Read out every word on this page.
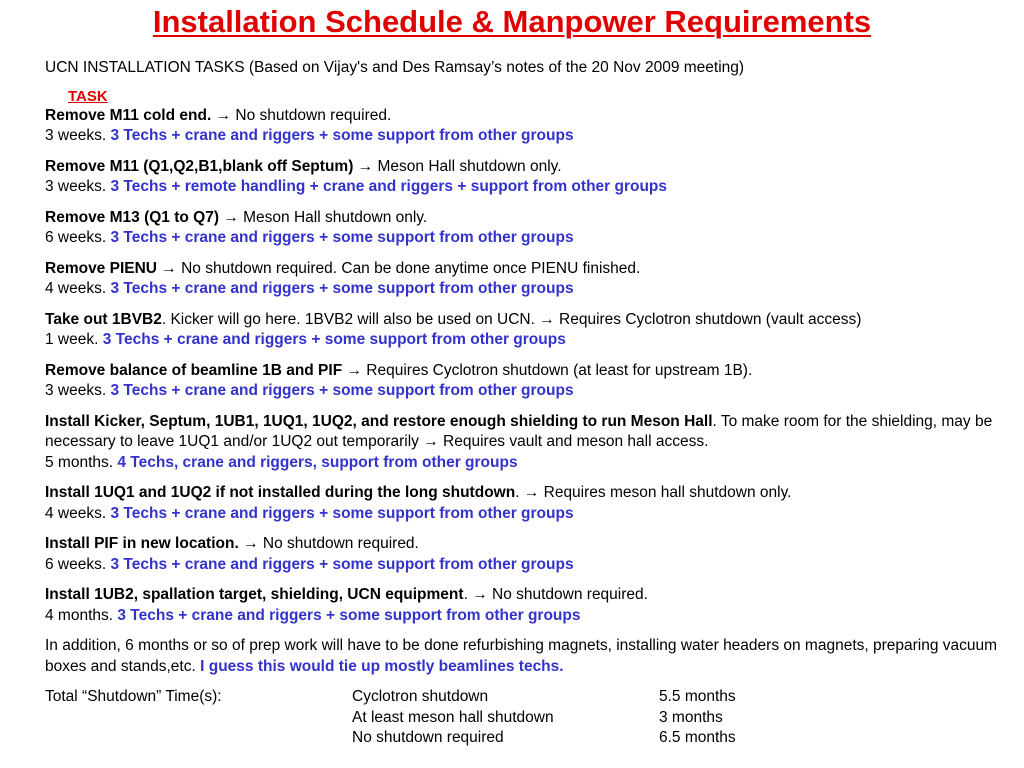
Installation Schedule & Manpower Requirements
UCN INSTALLATION TASKS (Based on Vijay's and Des Ramsay’s notes of the 20 Nov 2009 meeting)
TASK
Remove M11 cold end. → No shutdown required.
3 weeks. 3 Techs + crane and riggers + some support from other groups
Remove M11 (Q1,Q2,B1,blank off Septum) → Meson Hall shutdown only.
3 weeks. 3 Techs + remote handling + crane and riggers + support from other groups
Remove M13 (Q1 to Q7) → Meson Hall shutdown only.
6 weeks. 3 Techs + crane and riggers + some support from other groups
Remove PIENU → No shutdown required. Can be done anytime once PIENU finished.
4 weeks. 3 Techs + crane and riggers + some support from other groups
Take out 1BVB2. Kicker will go here. 1BVB2 will also be used on UCN. → Requires Cyclotron shutdown (vault access)
1 week. 3 Techs + crane and riggers + some support from other groups
Remove balance of beamline 1B and PIF → Requires Cyclotron shutdown (at least for upstream 1B).
3 weeks. 3 Techs + crane and riggers + some support from other groups
Install Kicker, Septum, 1UB1, 1UQ1, 1UQ2, and restore enough shielding to run Meson Hall. To make room for the shielding, may be necessary to leave 1UQ1 and/or 1UQ2 out temporarily → Requires vault and meson hall access.
5 months. 4 Techs, crane and riggers, support from other groups
Install 1UQ1 and 1UQ2 if not installed during the long shutdown. → Requires meson hall shutdown only.
4 weeks. 3 Techs + crane and riggers + some support from other groups
Install PIF in new location. → No shutdown required.
6 weeks. 3 Techs + crane and riggers + some support from other groups
Install 1UB2, spallation target, shielding, UCN equipment. → No shutdown required.
4 months. 3 Techs + crane and riggers + some support from other groups
In addition, 6 months or so of prep work will have to be done refurbishing magnets, installing water headers on magnets, preparing vacuum boxes and stands,etc. I guess this would tie up mostly beamlines techs.
Total “Shutdown” Time(s):	Cyclotron shutdown	5.5 months
At least meson hall shutdown	3 months
No shutdown required	6.5 months
